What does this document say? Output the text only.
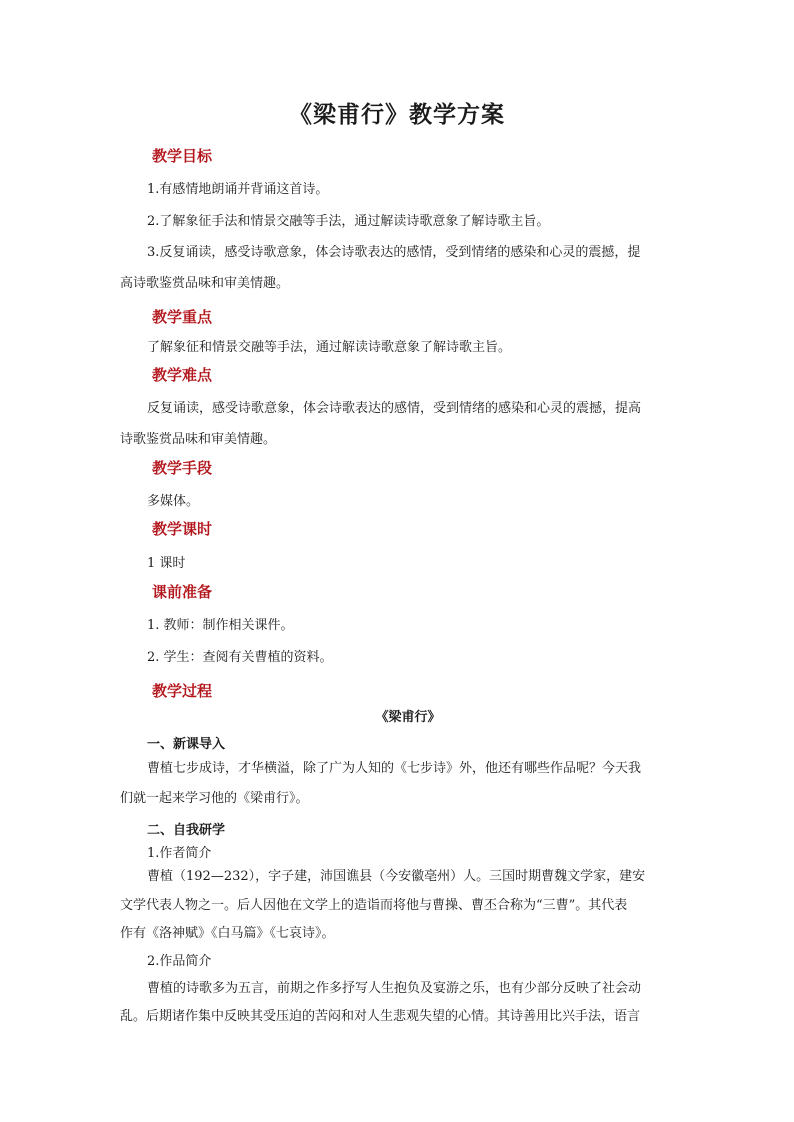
《梁甫行》教学方案
教学目标
1.有感情地朗诵并背诵这首诗。
2.了解象征手法和情景交融等手法，通过解读诗歌意象了解诗歌主旨。
3.反复诵读，感受诗歌意象，体会诗歌表达的感情，受到情绪的感染和心灵的震撼，提
高诗歌鉴赏品味和审美情趣。
教学重点
了解象征和情景交融等手法，通过解读诗歌意象了解诗歌主旨。
教学难点
反复诵读，感受诗歌意象，体会诗歌表达的感情，受到情绪的感染和心灵的震撼，提高
诗歌鉴赏品味和审美情趣。
教学手段
多媒体。
教学课时
1 课时
课前准备
1. 教师：制作相关课件。
2. 学生：查阅有关曹植的资料。
教学过程
《梁甫行》
一、新课导入
曹植七步成诗，才华横溢，除了广为人知的《七步诗》外，他还有哪些作品呢？今天我
们就一起来学习他的《梁甫行》。
二、自我研学
1.作者简介
曹植（192—232），字子建，沛国谯县（今安徽亳州）人。三国时期曹魏文学家，建安
文学代表人物之一。后人因他在文学上的造诣而将他与曹操、曹丕合称为“三曹”。其代表
作有《洛神赋》《白马篇》《七哀诗》。
2.作品简介
曹植的诗歌多为五言，前期之作多抒写人生抱负及宴游之乐，也有少部分反映了社会动
乱。后期诸作集中反映其受压迫的苦闷和对人生悲观失望的心情。其诗善用比兴手法，语言
